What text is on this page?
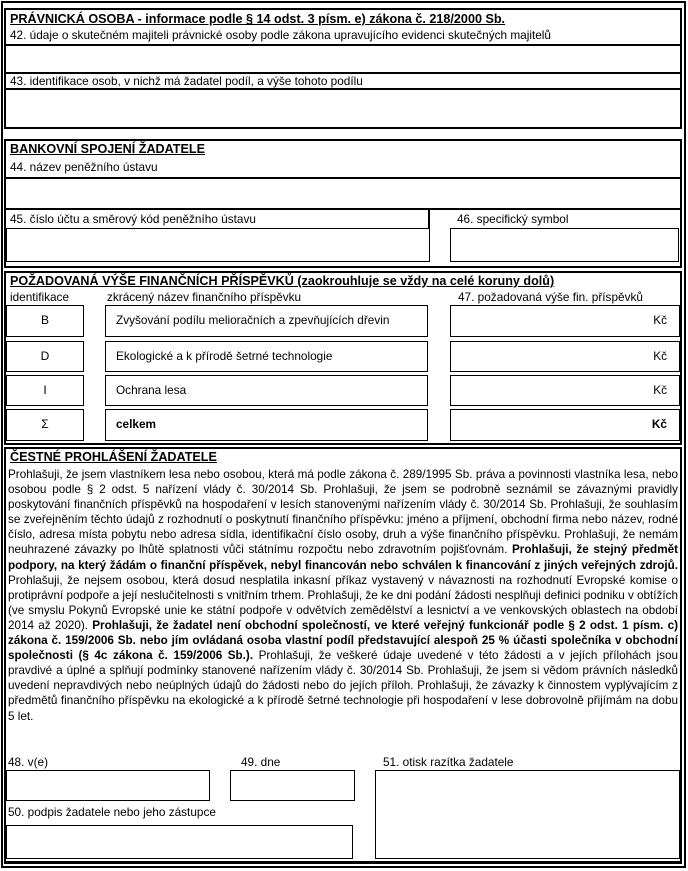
PRÁVNICKÁ OSOBA - informace podle § 14 odst. 3 písm. e) zákona č. 218/2000 Sb.
42. údaje o skutečném majiteli právnické osoby podle zákona upravujícího evidenci skutečných majitelů
43. identifikace osob, v nichž má žadatel podíl, a výše tohoto podílu
BANKOVNÍ SPOJENÍ ŽADATELE
44. název peněžního ústavu
45. číslo účtu a směrový kód peněžního ústavu	46. specifický symbol
POŽADOVANÁ VÝŠE FINANČNÍCH PŘÍSPĚVKŮ (zaokrouhluje se vždy na celé koruny dolů)
identifikace	zkrácený název finančního příspěvku	47. požadovaná výše fin. příspěvků
B	Zvyšování podílu melioračních a zpevňujících dřevin	Kč
D	Ekologické a k přírodě šetrné technologie	Kč
I	Ochrana lesa	Kč
Σ	celkem	Kč
ČESTNÉ PROHLÁŠENÍ ŽADATELE
Prohlašuji, že jsem vlastníkem lesa nebo osobou, která má podle zákona č. 289/1995 Sb. práva a povinnosti vlastníka lesa, nebo osobou podle § 2 odst. 5 nařízení vlády č. 30/2014 Sb. Prohlašuji, že jsem se podrobně seznámil se závaznými pravidly poskytování finančních příspěvků na hospodaření v lesích stanovenými nařízením vlády č. 30/2014 Sb. Prohlašuji, že souhlasím se zveřejněním těchto údajů z rozhodnutí o poskytnutí finančního příspěvku: jméno a příjmení, obchodní firma nebo název, rodné číslo, adresa místa pobytu nebo adresa sídla, identifikační číslo osoby, druh a výše finančního příspěvku. Prohlašuji, že nemám neuhrazené závazky po lhůtě splatnosti vůči státnímu rozpočtu nebo zdravotním pojišťovnám. Prohlašuji, že stejný předmět podpory, na který žádám o finanční příspěvek, nebyl financován nebo schválen k financování z jiných veřejných zdrojů. Prohlašuji, že nejsem osobou, která dosud nesplatila inkasní příkaz vystavený v návaznosti na rozhodnutí Evropské komise o protiprávní podpoře a její neslučitelnosti s vnitřním trhem. Prohlašuji, že ke dni podání žádosti nesplňuji definici podniku v obtížích (ve smyslu Pokynů Evropské unie ke státní podpoře v odvětvích zemědělství a lesnictví a ve venkovských oblastech na období 2014 až 2020). Prohlašuji, že žadatel není obchodní společností, ve které veřejný funkcionář podle § 2 odst. 1 písm. c) zákona č. 159/2006 Sb. nebo jím ovládaná osoba vlastní podíl představující alespoň 25 % účasti společníka v obchodní společnosti (§ 4c zákona č. 159/2006 Sb.). Prohlašuji, že veškeré údaje uvedené v této žádosti a v jejích přílohách jsou pravdivé a úplné a splňují podmínky stanovené nařízením vlády č. 30/2014 Sb. Prohlašuji, že jsem si vědom právních následků uvedení nepravdivých nebo neúplných údajů do žádosti nebo do jejích příloh. Prohlašuji, že závazky k činnostem vyplývajícím z předmětů finančního příspěvku na ekologické a k přírodě šetrné technologie při hospodaření v lese dobrovolně přijímám na dobu 5 let.
48. v(e)	49. dne	51. otisk razítka žadatele
50. podpis žadatele nebo jeho zástupce
